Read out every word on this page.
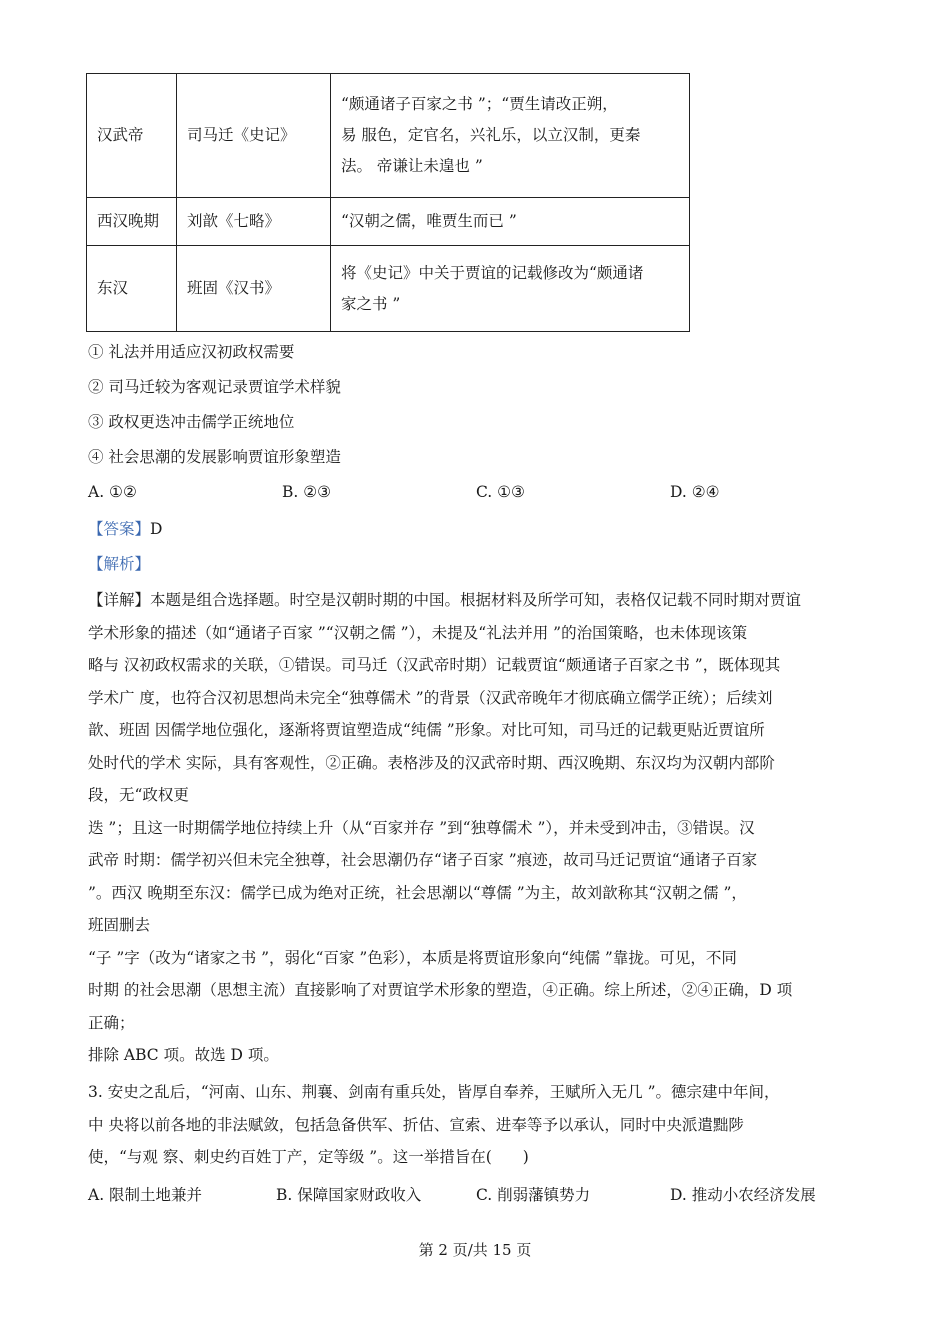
汉武帝	司马迁《史记》	“颇通诸子百家之书 ”；“贾生请改正朔，
易 服色，定官名，兴礼乐，以立汉制，更秦
法。 帝谦让未遑也 ”

西汉晚期	刘歆《七略》	“汉朝之儒，唯贾生而已 ”

东汉	班固《汉书》	将《史记》中关于贾谊的记载修改为“颇通诸
家之书 ”
① 礼法并用适应汉初政权需要
② 司马迁较为客观记录贾谊学术样貌
③ 政权更迭冲击儒学正统地位
④ 社会思潮的发展影响贾谊形象塑造
A. ①②	B. ②③	C. ①③	D. ②④
【答案】D
【解析】
【详解】本题是组合选择题。时空是汉朝时期的中国。根据材料及所学可知，表格仅记载不同时期对贾谊
学术形象的描述（如“通诸子百家 ”“汉朝之儒 ”），未提及“礼法并用 ”的治国策略，也未体现该策
略与 汉初政权需求的关联，①错误。司马迁（汉武帝时期）记载贾谊“颇通诸子百家之书 ”，既体现其
学术广 度，也符合汉初思想尚未完全“独尊儒术 ”的背景（汉武帝晚年才彻底确立儒学正统）；后续刘
歆、班固 因儒学地位强化，逐渐将贾谊塑造成“纯儒 ”形象。对比可知，司马迁的记载更贴近贾谊所
处时代的学术 实际，具有客观性，②正确。表格涉及的汉武帝时期、西汉晚期、东汉均为汉朝内部阶
段，无“政权更
迭 ”；且这一时期儒学地位持续上升（从“百家并存 ”到“独尊儒术 ”），并未受到冲击，③错误。汉
武帝 时期：儒学初兴但未完全独尊，社会思潮仍存“诸子百家 ”痕迹，故司马迁记贾谊“通诸子百家
”。西汉 晚期至东汉：儒学已成为绝对正统，社会思潮以“尊儒 ”为主，故刘歆称其“汉朝之儒 ”，
班固删去
“子 ”字（改为“诸家之书 ”，弱化“百家 ”色彩），本质是将贾谊形象向“纯儒 ”靠拢。可见，不同
时期 的社会思潮（思想主流）直接影响了对贾谊学术形象的塑造，④正确。综上所述，②④正确，D 项
正确；
排除 ABC 项。故选 D 项。
3. 安史之乱后，“河南、山东、荆襄、剑南有重兵处，皆厚自奉养，王赋所入无几 ”。德宗建中年间，
中 央将以前各地的非法赋敛，包括急备供军、折估、宣索、进奉等予以承认，同时中央派遣黜陟
使，“与观 察、刺史约百姓丁产，定等级 ”。这一举措旨在(　　)
A. 限制土地兼并	B. 保障国家财政收入	C. 削弱藩镇势力	D. 推动小农经济发展
第 2 页/共 15 页
